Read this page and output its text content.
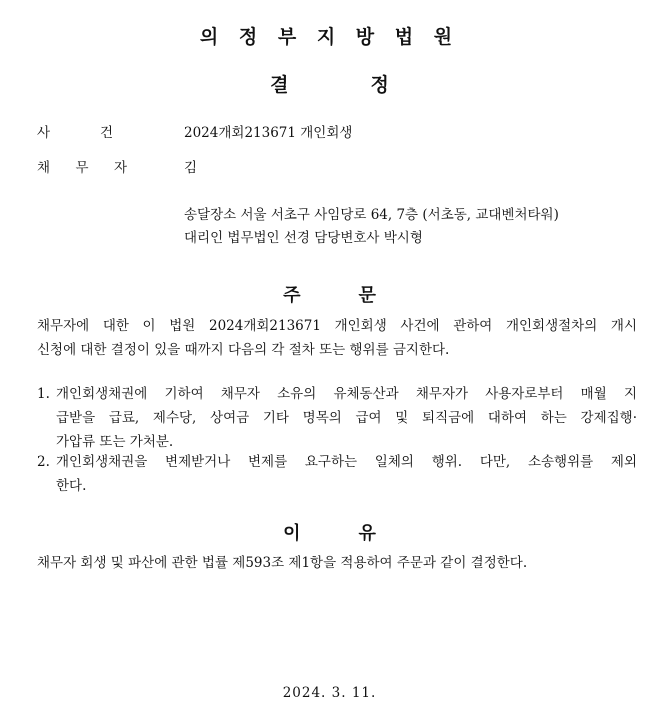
의 정 부 지 방 법 원
결	정
사	건	2024개회213671 개인회생
채 무 자	김
송달장소 서울 서초구 사임당로 64, 7층 (서초동, 교대벤처타워)
대리인 법무법인 선경 담당변호사 박시형
주	문
채무자에 대한 이 법원 2024개회213671 개인회생 사건에 관하여 개인회생절차의 개시
신청에 대한 결정이 있을 때까지 다음의 각 절차 또는 행위를 금지한다.
1. 개인회생채권에 기하여 채무자 소유의 유체동산과 채무자가 사용자로부터 매월 지
급받을 급료, 제수당, 상여금 기타 명목의 급여 및 퇴직금에 대하여 하는 강제집행·
가압류 또는 가처분.
2. 개인회생채권을 변제받거나 변제를 요구하는 일체의 행위. 다만, 소송행위를 제외
한다.
이	유
채무자 회생 및 파산에 관한 법률 제593조 제1항을 적용하여 주문과 같이 결정한다.
2024. 3. 11.
